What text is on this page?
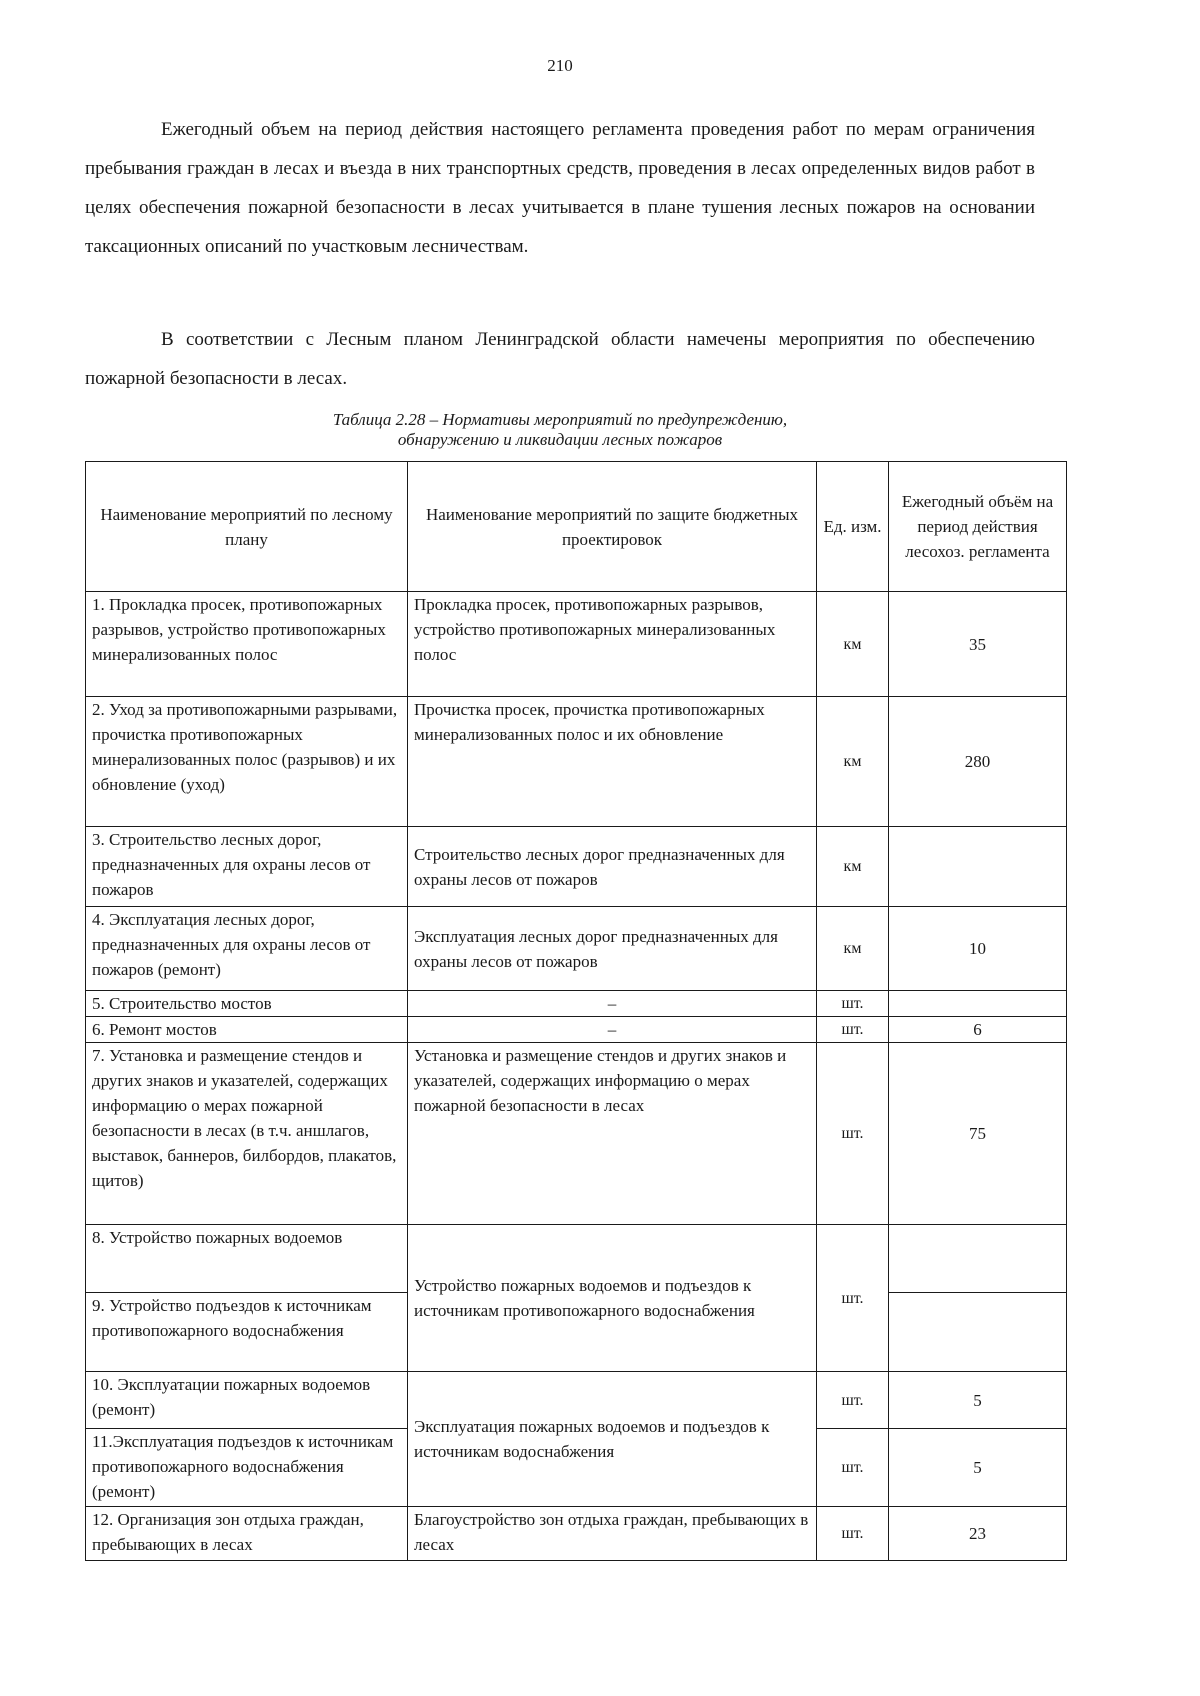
210

Ежегодный объем на период действия настоящего регламента проведения работ по мерам ограничения пребывания граждан в лесах и въезда в них транспортных средств, проведения в лесах определенных видов работ в целях обеспечения пожарной безопасности в лесах учитывается в плане тушения лесных пожаров на основании таксационных описаний по участковым лесничествам.

В соответствии с Лесным планом Ленинградской области намечены мероприятия по обеспечению пожарной безопасности в лесах.

Таблица 2.28 – Нормативы мероприятий по предупреждению,
обнаружению и ликвидации лесных пожаров
Наименование мероприятий по лесному плану	Наименование мероприятий по защите бюджетных проектировок	Ед. изм.	Ежегодный объём на период действия лесохоз. регламента
1. Прокладка просек, противопожарных разрывов, устройство противопожарных минерализованных полос	Прокладка просек, противопожарных разрывов, устройство противопожарных минерализованных полос	км	35
2. Уход за противопожарными разрывами, прочистка противопожарных минерализованных полос (разрывов) и их обновление (уход)	Прочистка просек, прочистка противопожарных минерализованных полос и их обновление	км	280
3. Строительство лесных дорог, предназначенных для охраны лесов от пожаров	Строительство лесных дорог предназначенных для охраны лесов от пожаров	км	
4. Эксплуатация лесных дорог, предназначенных для охраны лесов от пожаров (ремонт)	Эксплуатация лесных дорог предназначенных для охраны лесов от пожаров	км	10
5. Строительство мостов	–	шт.	
6. Ремонт мостов	–	шт.	6
7. Установка и размещение стендов и других знаков и указателей, содержащих информацию о мерах пожарной безопасности в лесах (в т.ч. аншлагов, выставок, баннеров, билбордов, плакатов, щитов)	Установка и размещение стендов и других знаков и указателей, содержащих информацию о мерах пожарной безопасности в лесах	шт.	75
8. Устройство пожарных водоемов	Устройство пожарных водоемов и подъездов к источникам противопожарного водоснабжения	шт.	
9. Устройство подъездов к источникам противопожарного водоснабжения			
10. Эксплуатации пожарных водоемов (ремонт)	Эксплуатация пожарных водоемов и подъездов к источникам водоснабжения	шт.	5
11.Эксплуатация подъездов к источникам противопожарного водоснабжения (ремонт)		шт.	5
12. Организация зон отдыха граждан, пребывающих в лесах	Благоустройство зон отдыха граждан, пребывающих в лесах	шт.	23
